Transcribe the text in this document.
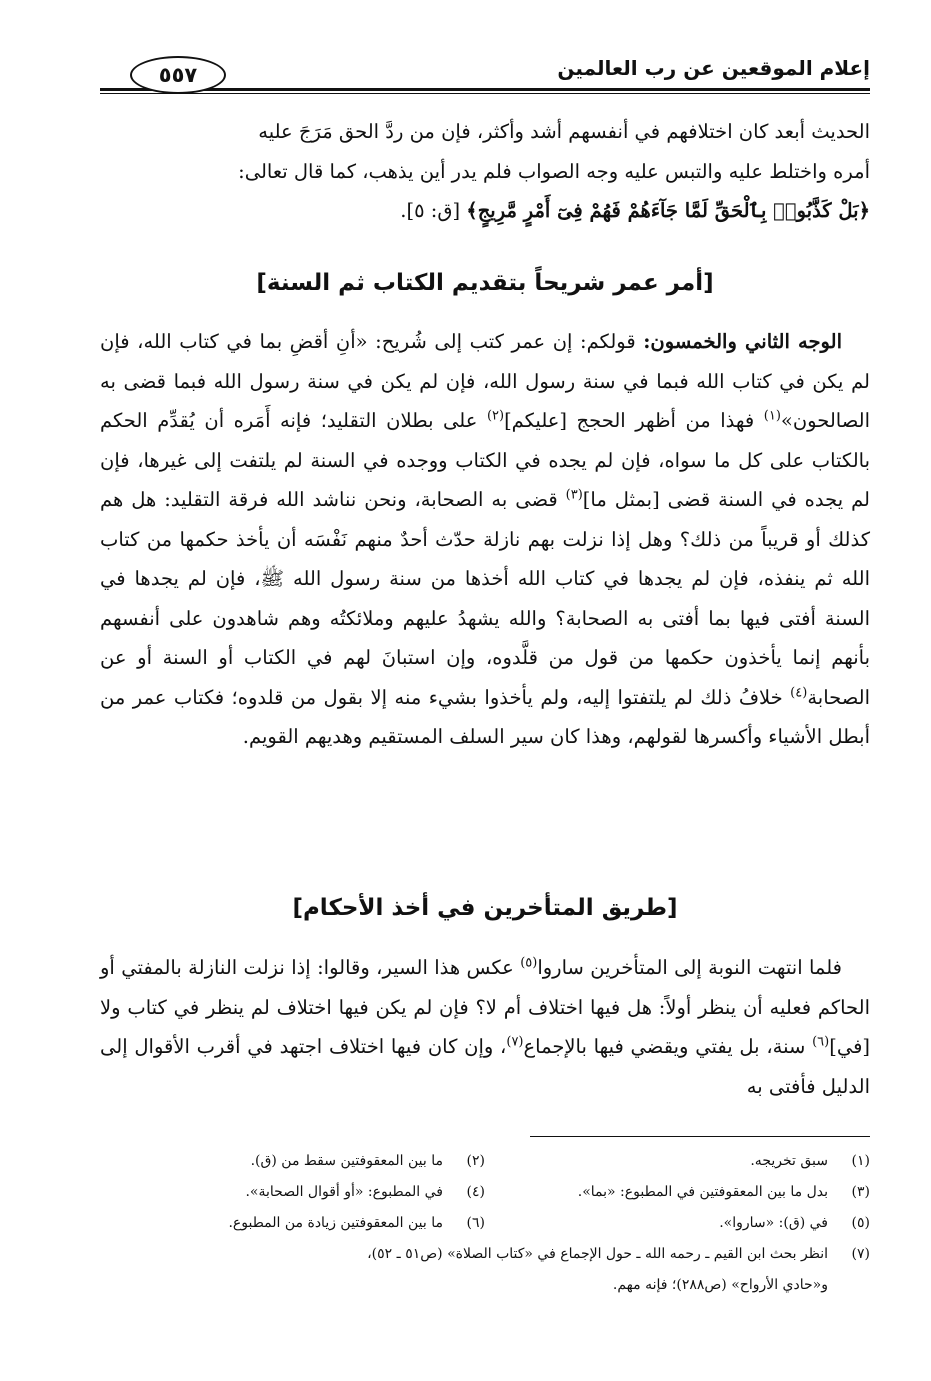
إعلام الموقعين عن رب العالمين
٥٥٧

الحديث أبعد كان اختلافهم في أنفسهم أشد وأكثر، فإن من ردَّ الحق مَرَجَ عليه

أمره واختلط عليه والتبس عليه وجه الصواب فلم يدر أين يذهب، كما قال تعالى:

﴿بَلْ كَذَّبُوا۟ بِٱلْحَقِّ لَمَّا جَآءَهُمْ فَهُمْ فِىٓ أَمْرٍ مَّرِيجٍ﴾ [ق: ٥].

[أمر عمر شريحاً بتقديم الكتاب ثم السنة]

الوجه الثاني والخمسون: قولكم: إن عمر كتب إلى شُريح: «أنِ أقضِ بما في كتاب الله، فإن لم يكن في كتاب الله فبما في سنة رسول الله، فإن لم يكن في سنة رسول الله فبما قضى به الصالحون»$^{(١)}$ فهذا من أظهر الحجج [عليكم]$^{(٢)}$ على بطلان التقليد؛ فإنه أَمَره أن يُقدِّم الحكم بالكتاب على كل ما سواه، فإن لم يجده في الكتاب ووجده في السنة لم يلتفت إلى غيرها، فإن لم يجده في السنة قضى [بمثل ما]$^{(٣)}$ قضى به الصحابة، ونحن نناشد الله فرقة التقليد: هل هم كذلك أو قريباً من ذلك؟ وهل إذا نزلت بهم نازلة حدّث أحدٌ منهم نَفْسَه أن يأخذ حكمها من كتاب الله ثم ينفذه، فإن لم يجدها في كتاب الله أخذها من سنة رسول الله ﷺ، فإن لم يجدها في السنة أفتى فيها بما أفتى به الصحابة؟ والله يشهدُ عليهم وملائكتُه وهم شاهدون على أنفسهم بأنهم إنما يأخذون حكمها من قول من قلَّدوه، وإن استبانَ لهم في الكتاب أو السنة أو عن الصحابة$^{(٤)}$ خلافُ ذلك لم يلتفتوا إليه، ولم يأخذوا بشيء منه إلا بقول من قلدوه؛ فكتاب عمر من أبطل الأشياء وأكسرها لقولهم، وهذا كان سير السلف المستقيم وهديهم القويم.

[طريق المتأخرين في أخذ الأحكام]

فلما انتهت النوبة إلى المتأخرين ساروا$^{(٥)}$ عكس هذا السير، وقالوا: إذا نزلت النازلة بالمفتي أو الحاكم فعليه أن ينظر أولاً: هل فيها اختلاف أم لا؟ فإن لم يكن فيها اختلاف لم ينظر في كتاب ولا [في]$^{(٦)}$ سنة، بل يفتي ويقضي فيها بالإجماع$^{(٧)}$، وإن كان فيها اختلاف اجتهد في أقرب الأقوال إلى الدليل فأفتى به

(١)
سبق تخريجه.
(٢)
ما بين المعقوفتين سقط من (ق).
(٣)
بدل ما بين المعقوفتين في المطبوع: «بما».
(٤)
في المطبوع: «أو أقوال الصحابة».
(٥)
في (ق): «ساروا».
(٦)
ما بين المعقوفتين زيادة من المطبوع.
(٧)
انظر بحث ابن القيم ـ رحمه الله ـ حول الإجماع في «كتاب الصلاة» (ص٥١ ـ ٥٢)،
و«حادي الأرواح» (ص٢٨٨)؛ فإنه مهم.
